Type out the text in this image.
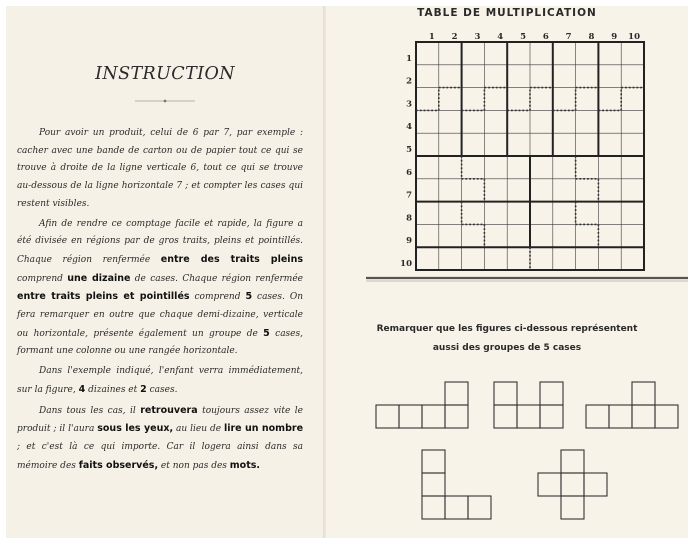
INSTRUCTION

Pour avoir un produit, celui de 6 par 7, par exemple : cacher avec une bande de carton ou de papier tout ce qui se trouve à droite de la ligne verticale 6, tout ce qui se trouve au-dessous de la ligne horizontale 7 ; et compter les cases qui restent visibles.

Afin de rendre ce comptage facile et rapide, la figure a été divisée en régions par de gros traits, pleins et pointillés. Chaque région renfermée entre des traits pleins comprend une dizaine de cases. Chaque région renfermée entre traits pleins et pointillés comprend 5 cases. On fera remarquer en outre que chaque demi-dizaine, verticale ou horizontale, présente également un groupe de 5 cases, formant une colonne ou une rangée horizontale.

Dans l'exemple indiqué, l'enfant verra immédiatement, sur la figure, 4 dizaines et 2 cases.

Dans tous les cas, il retrouvera toujours assez vite le produit ; il l'aura sous les yeux, au lieu de lire un nombre ; et c'est là ce qui importe. Car il logera ainsi dans sa mémoire des faits observés, et non pas des mots.

TABLE DE MULTIPLICATION
1 2 3 4 5 6 7 8 9 10
1
2
3
4
5
6
7
8
9
10
Remarquer que les figures ci-dessous représentent
aussi des groupes de 5 cases
